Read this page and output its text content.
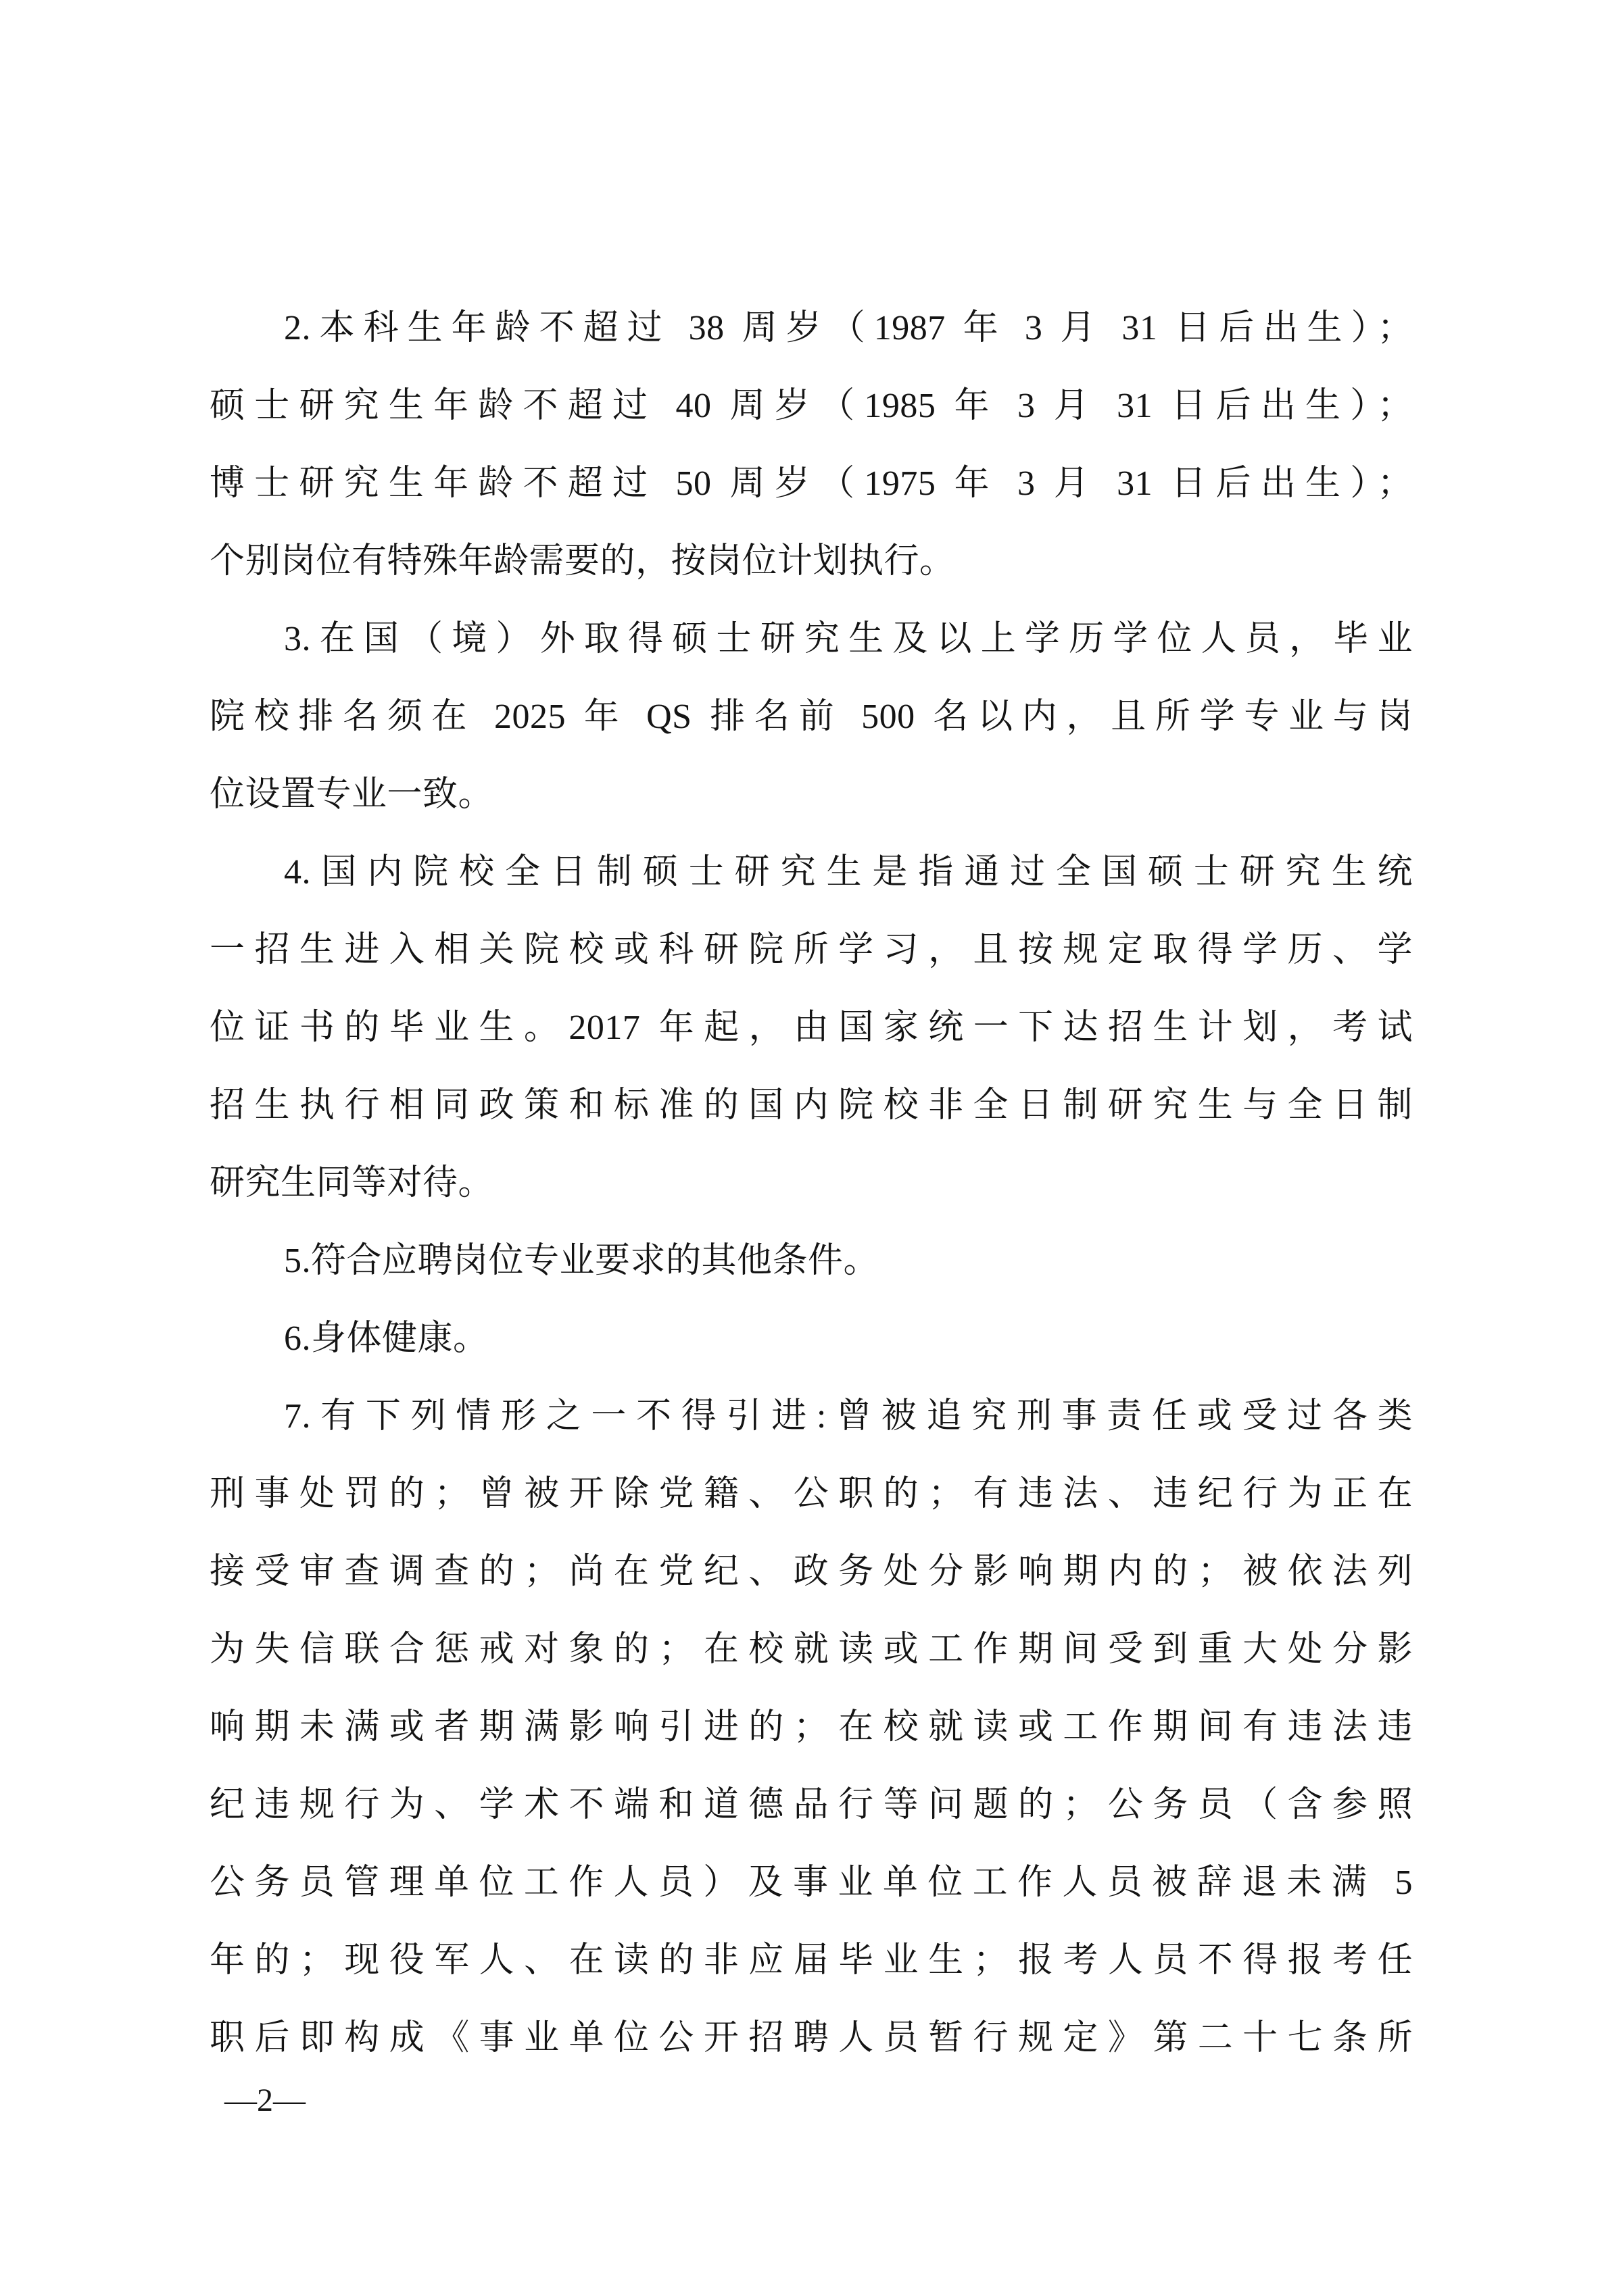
2.本科生年龄不超过 38 周岁（1987 年 3 月 31 日后出生）；

硕士研究生年龄不超过 40 周岁（1985 年 3 月 31 日后出生）；

博士研究生年龄不超过 50 周岁（1975 年 3 月 31 日后出生）；

个别岗位有特殊年龄需要的，按岗位计划执行。

3.在国（境）外取得硕士研究生及以上学历学位人员，毕业

院校排名须在 2025 年 QS 排名前 500 名以内，且所学专业与岗

位设置专业一致。

4.国内院校全日制硕士研究生是指通过全国硕士研究生统

一招生进入相关院校或科研院所学习，且按规定取得学历、学

位证书的毕业生。2017 年起，由国家统一下达招生计划，考试

招生执行相同政策和标准的国内院校非全日制研究生与全日制

研究生同等对待。

5.符合应聘岗位专业要求的其他条件。

6.身体健康。

7.有下列情形之一不得引进:曾被追究刑事责任或受过各类

刑事处罚的；曾被开除党籍、公职的；有违法、违纪行为正在

接受审查调查的；尚在党纪、政务处分影响期内的；被依法列

为失信联合惩戒对象的；在校就读或工作期间受到重大处分影

响期未满或者期满影响引进的；在校就读或工作期间有违法违

纪违规行为、学术不端和道德品行等问题的；公务员（含参照

公务员管理单位工作人员）及事业单位工作人员被辞退未满 5

年的；现役军人、在读的非应届毕业生；报考人员不得报考任

职后即构成《事业单位公开招聘人员暂行规定》第二十七条所

—2—
